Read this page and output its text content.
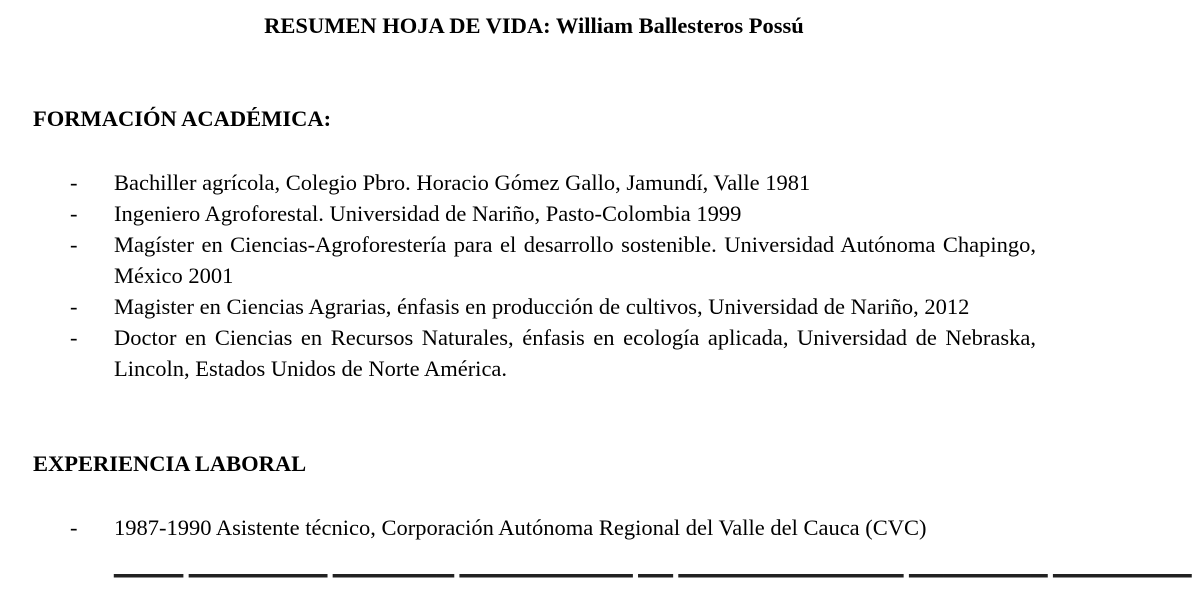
RESUMEN HOJA DE VIDA: William Ballesteros Possú
FORMACIÓN ACADÉMICA:
- Bachiller agrícola, Colegio Pbro. Horacio Gómez Gallo, Jamundí, Valle 1981
- Ingeniero Agroforestal. Universidad de Nariño, Pasto-Colombia 1999
- Magíster en Ciencias-Agroforestería para el desarrollo sostenible. Universidad Autónoma Chapingo, México 2001
- Magister en Ciencias Agrarias, énfasis en producción de cultivos, Universidad de Nariño, 2012
- Doctor en Ciencias en Recursos Naturales, énfasis en ecología aplicada, Universidad de Nebraska, Lincoln, Estados Unidos de Norte América.
EXPERIENCIA LABORAL
- 1987-1990 Asistente técnico, Corporación Autónoma Regional del Valle del Cauca (CVC)
▔▔▔▔ ▔▔▔▔▔▔▔▔ ▔▔▔▔▔▔▔ ▔▔▔▔▔▔▔▔▔▔ ▔▔ ▔▔▔▔▔▔▔▔▔▔▔▔▔ ▔▔▔▔▔▔▔▔ ▔▔▔▔▔▔▔▔
